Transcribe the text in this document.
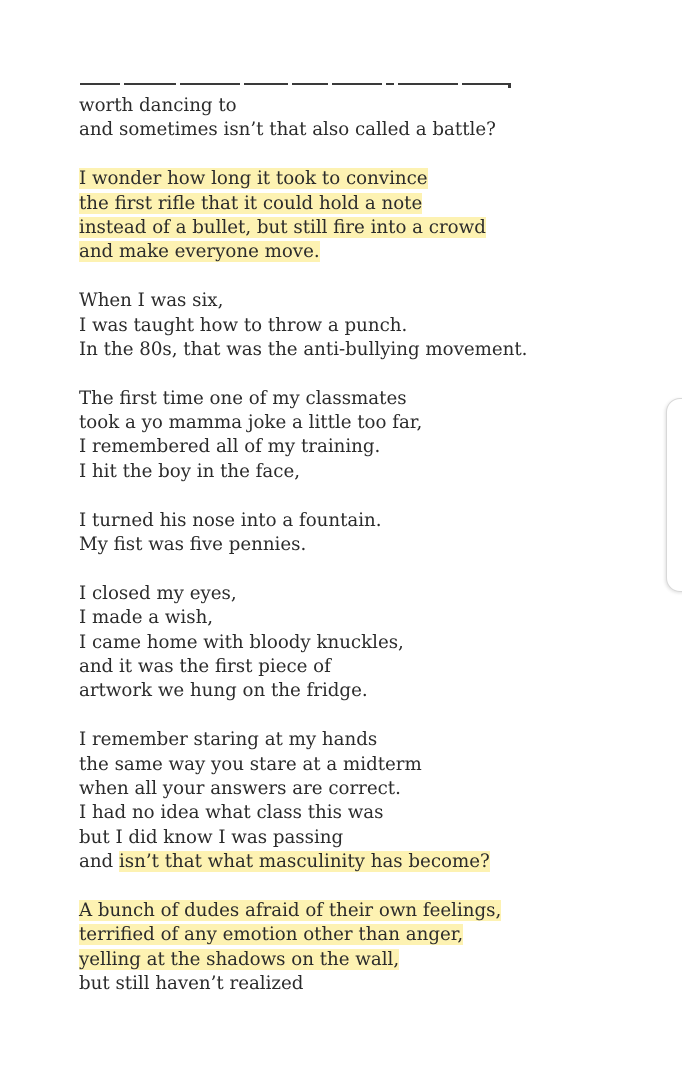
worth dancing to
and sometimes isn’t that also called a battle?
I wonder how long it took to convince
the first rifle that it could hold a note
instead of a bullet, but still fire into a crowd
and make everyone move.
When I was six,
I was taught how to throw a punch.
In the 80s, that was the anti-bullying movement.
The first time one of my classmates
took a yo mamma joke a little too far,
I remembered all of my training.
I hit the boy in the face,
I turned his nose into a fountain.
My fist was five pennies.
I closed my eyes,
I made a wish,
I came home with bloody knuckles,
and it was the first piece of
artwork we hung on the fridge.
I remember staring at my hands
the same way you stare at a midterm
when all your answers are correct.
I had no idea what class this was
but I did know I was passing
and isn’t that what masculinity has become?
A bunch of dudes afraid of their own feelings,
terrified of any emotion other than anger,
yelling at the shadows on the wall,
but still haven’t realized
